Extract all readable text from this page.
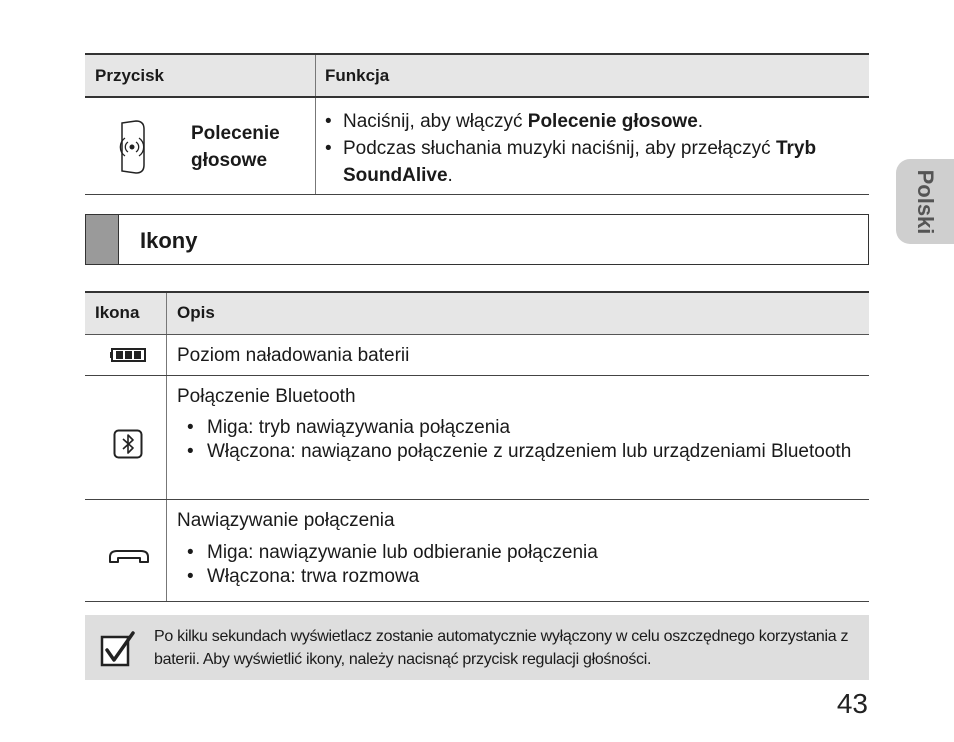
Przycisk	Funkcja
Polecenie głosowe
• Naciśnij, aby włączyć Polecenie głosowe.
• Podczas słuchania muzyki naciśnij, aby przełączyć Tryb SoundAlive.	Polski
Ikony
Ikona Opis
Poziom naładowania baterii
Połączenie Bluetooth
• Miga: tryb nawiązywania połączenia
• Włączona: nawiązano połączenie z urządzeniem lub urządzeniami Bluetooth
Nawiązywanie połączenia
• Miga: nawiązywanie lub odbieranie połączenia
• Włączona: trwa rozmowa
Po kilku sekundach wyświetlacz zostanie automatycznie wyłączony w celu oszczędnego korzystania z baterii. Aby wyświetlić ikony, należy nacisnąć przycisk regulacji głośności.
43
